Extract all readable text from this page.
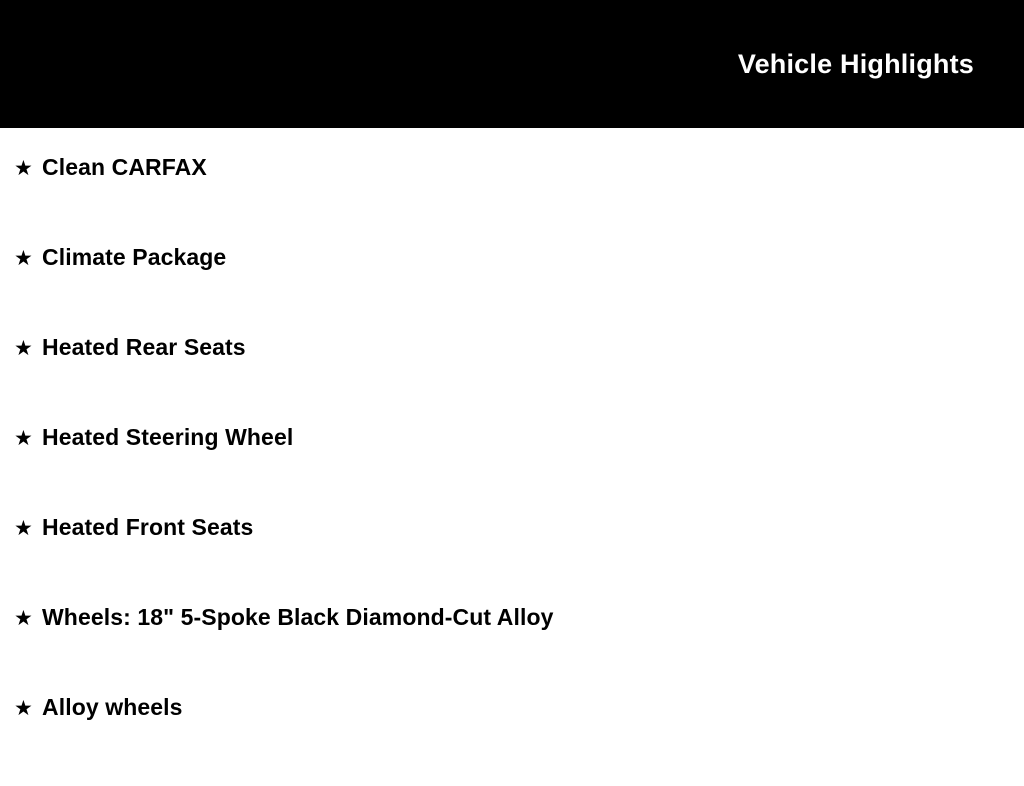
Vehicle Highlights
★ Clean CARFAX
★ Climate Package
★ Heated Rear Seats
★ Heated Steering Wheel
★ Heated Front Seats
★ Wheels: 18" 5-Spoke Black Diamond-Cut Alloy
★ Alloy wheels
